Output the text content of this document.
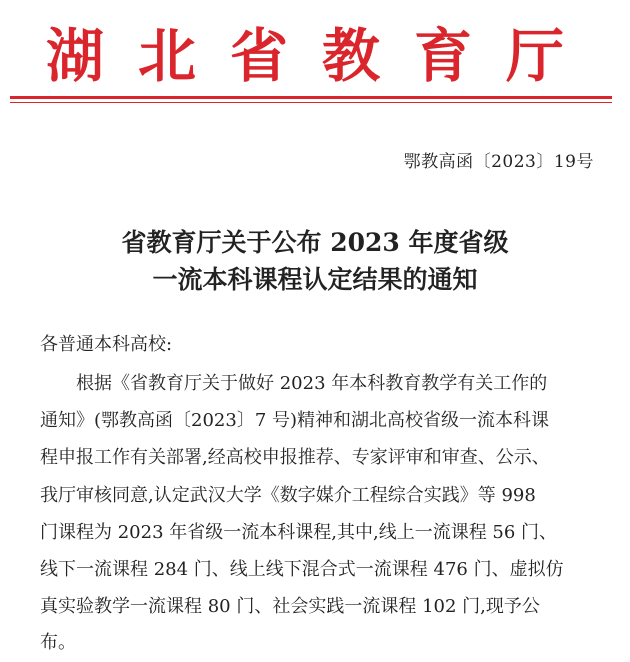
湖北省教育厅
鄂教高函〔2023〕19号
省教育厅关于公布 2023 年度省级
一流本科课程认定结果的通知
各普通本科高校:
根据《省教育厅关于做好 2023 年本科教育教学有关工作的
通知》(鄂教高函〔2023〕7 号)精神和湖北高校省级一流本科课
程申报工作有关部署,经高校申报推荐、专家评审和审查、公示、
我厅审核同意,认定武汉大学《数字媒介工程综合实践》等 998
门课程为 2023 年省级一流本科课程,其中,线上一流课程 56 门、
线下一流课程 284 门、线上线下混合式一流课程 476 门、虚拟仿
真实验教学一流课程 80 门、社会实践一流课程 102 门,现予公
布。
